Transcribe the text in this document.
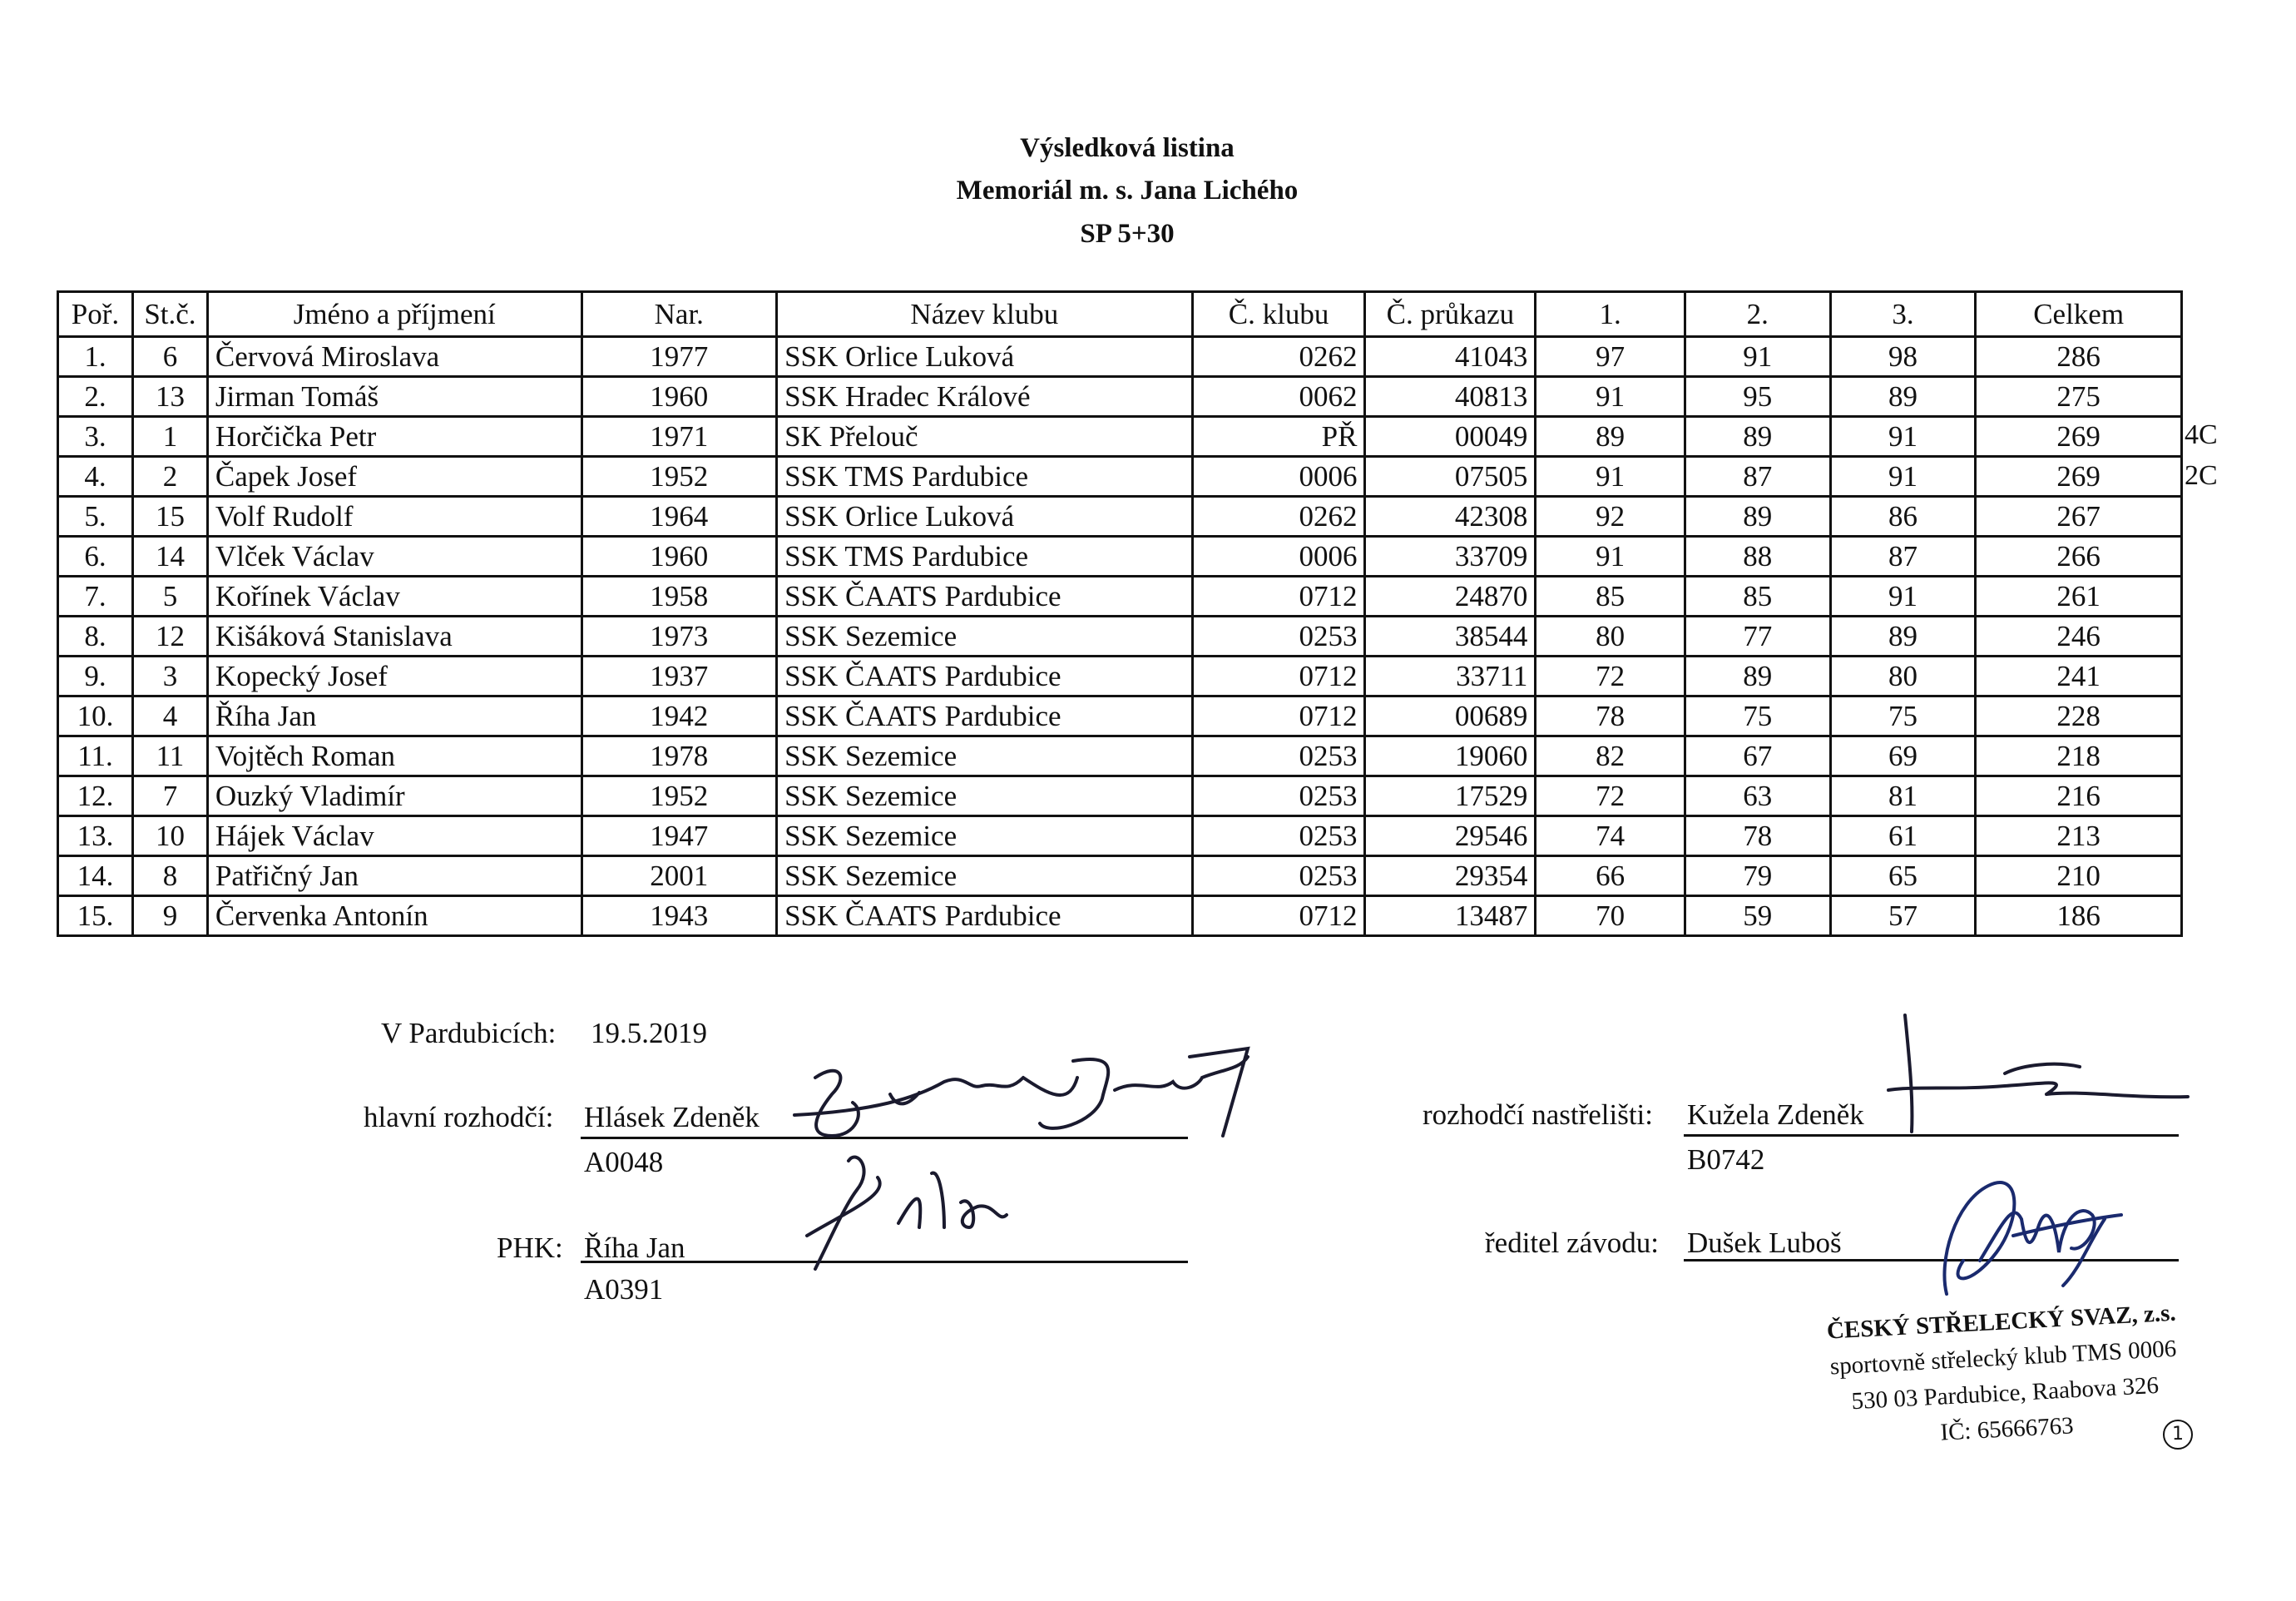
Výsledková listina
Memoriál m. s. Jana Lichého
SP 5+30
Poř.	St.č.	Jméno a příjmení	Nar.	Název klubu	Č. klubu	Č. průkazu	1.	2.	3.	Celkem
1.	6	Červová Miroslava	1977	SSK Orlice Luková	0262	41043	97	91	98	286
2.	13	Jirman Tomáš	1960	SSK Hradec Králové	0062	40813	91	95	89	275
3.	1	Horčička Petr	1971	SK Přelouč	PŘ	00049	89	89	91	269
4.	2	Čapek Josef	1952	SSK TMS Pardubice	0006	07505	91	87	91	269
5.	15	Volf Rudolf	1964	SSK Orlice Luková	0262	42308	92	89	86	267
6.	14	Vlček Václav	1960	SSK TMS Pardubice	0006	33709	91	88	87	266
7.	5	Kořínek Václav	1958	SSK ČAATS Pardubice	0712	24870	85	85	91	261
8.	12	Kišáková Stanislava	1973	SSK Sezemice	0253	38544	80	77	89	246
9.	3	Kopecký Josef	1937	SSK ČAATS Pardubice	0712	33711	72	89	80	241
10.	4	Říha Jan	1942	SSK ČAATS Pardubice	0712	00689	78	75	75	228
11.	11	Vojtěch Roman	1978	SSK Sezemice	0253	19060	82	67	69	218
12.	7	Ouzký Vladimír	1952	SSK Sezemice	0253	17529	72	63	81	216
13.	10	Hájek Václav	1947	SSK Sezemice	0253	29546	74	78	61	213
14.	8	Patřičný Jan	2001	SSK Sezemice	0253	29354	66	79	65	210
15.	9	Červenka Antonín	1943	SSK ČAATS Pardubice	0712	13487	70	59	57	186
4C
2C
V Pardubicích: 19.5.2019
hlavní rozhodčí: Hlásek Zdeněk
A0048
PHK: Říha Jan
A0391
rozhodčí nastřelišti: Kužela Zdeněk
B0742
ředitel závodu: Dušek Luboš
ČESKÝ STŘELECKÝ SVAZ, z.s.
sportovně střelecký klub TMS 0006
530 03 Pardubice, Raabova 326
IČ: 65666763	1
